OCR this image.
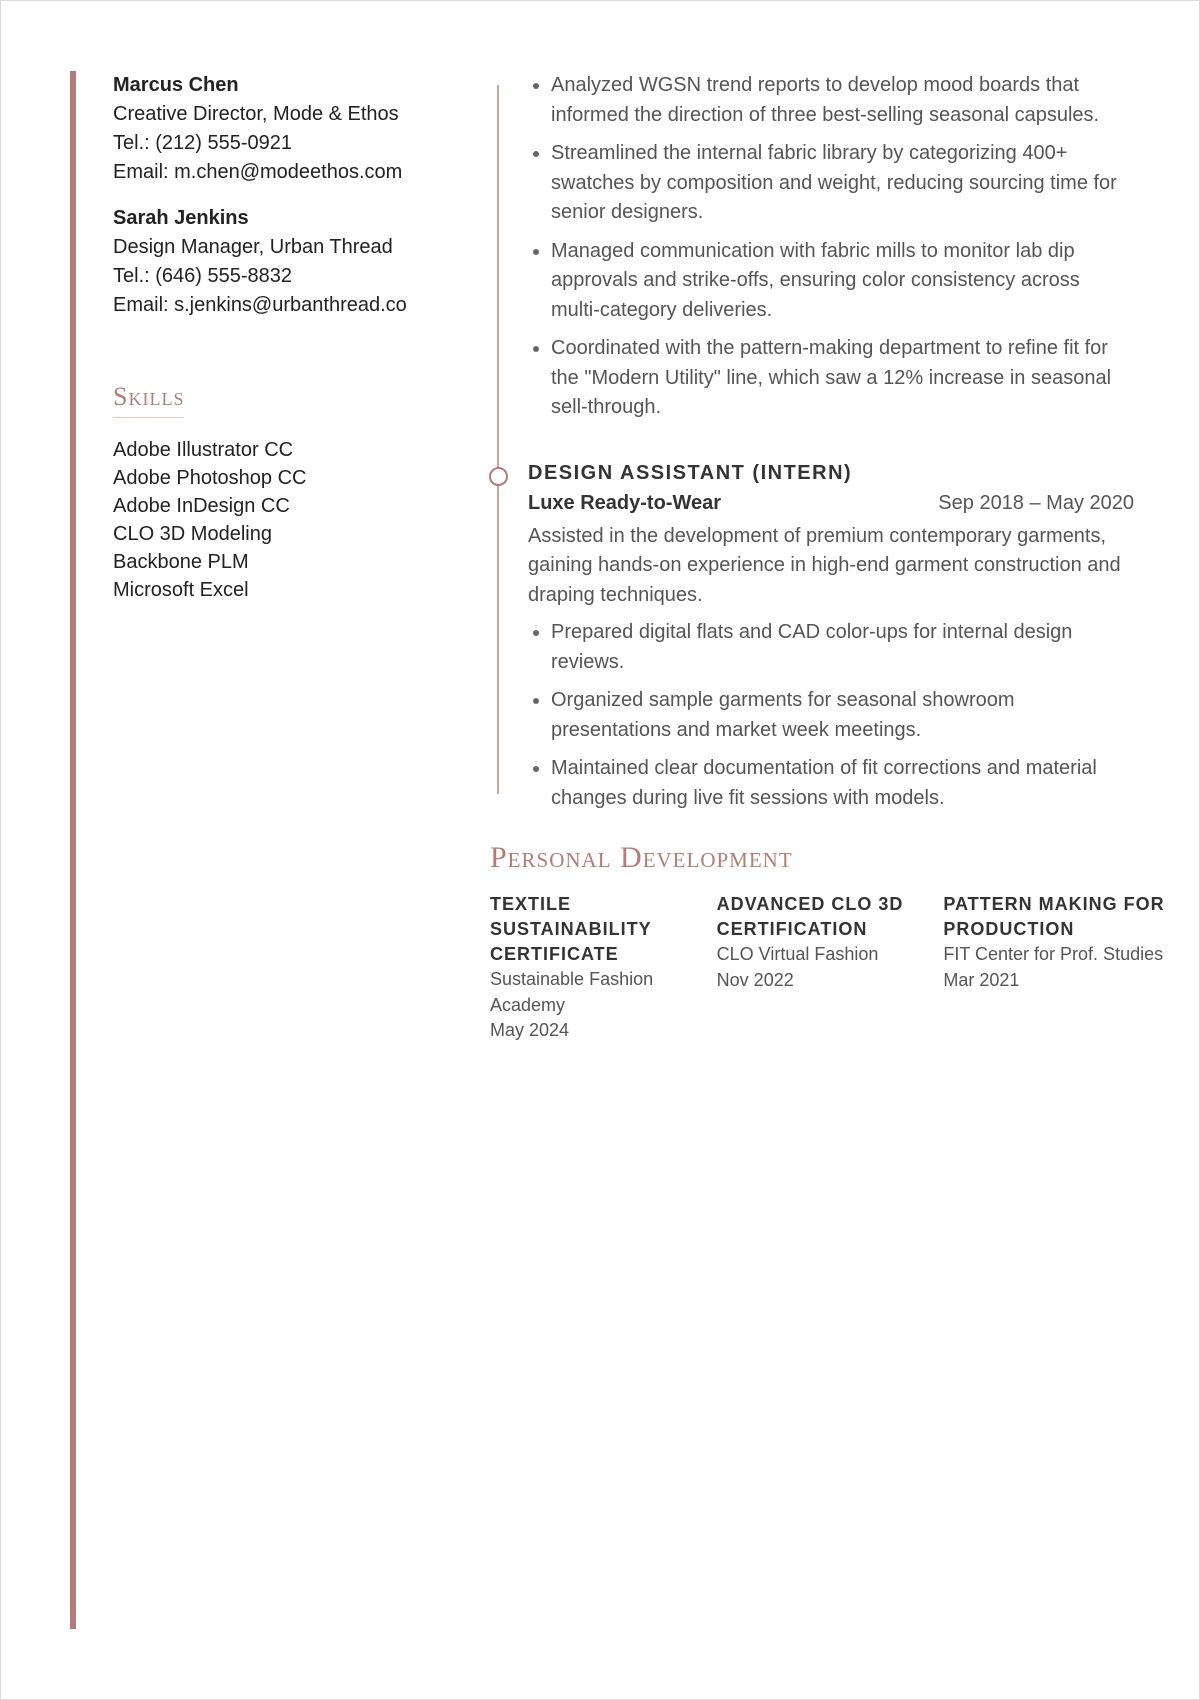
Marcus Chen
Creative Director, Mode & Ethos
Tel.: (212) 555-0921
Email: m.chen@modeethos.com
Sarah Jenkins
Design Manager, Urban Thread
Tel.: (646) 555-8832
Email: s.jenkins@urbanthread.co
Skills
Adobe Illustrator CC
Adobe Photoshop CC
Adobe InDesign CC
CLO 3D Modeling
Backbone PLM
Microsoft Excel
• Analyzed WGSN trend reports to develop mood boards that informed the direction of three best-selling seasonal capsules.
• Streamlined the internal fabric library by categorizing 400+ swatches by composition and weight, reducing sourcing time for senior designers.
• Managed communication with fabric mills to monitor lab dip approvals and strike-offs, ensuring color consistency across multi-category deliveries.
• Coordinated with the pattern-making department to refine fit for the "Modern Utility" line, which saw a 12% increase in seasonal sell-through.
DESIGN ASSISTANT (INTERN)
Luxe Ready-to-Wear	Sep 2018 – May 2020
Assisted in the development of premium contemporary garments, gaining hands-on experience in high-end garment construction and draping techniques.
• Prepared digital flats and CAD color-ups for internal design reviews.
• Organized sample garments for seasonal showroom presentations and market week meetings.
• Maintained clear documentation of fit corrections and material changes during live fit sessions with models.
Personal Development
TEXTILE SUSTAINABILITY CERTIFICATE
Sustainable Fashion Academy
May 2024
ADVANCED CLO 3D CERTIFICATION
CLO Virtual Fashion
Nov 2022
PATTERN MAKING FOR PRODUCTION
FIT Center for Prof. Studies
Mar 2021
